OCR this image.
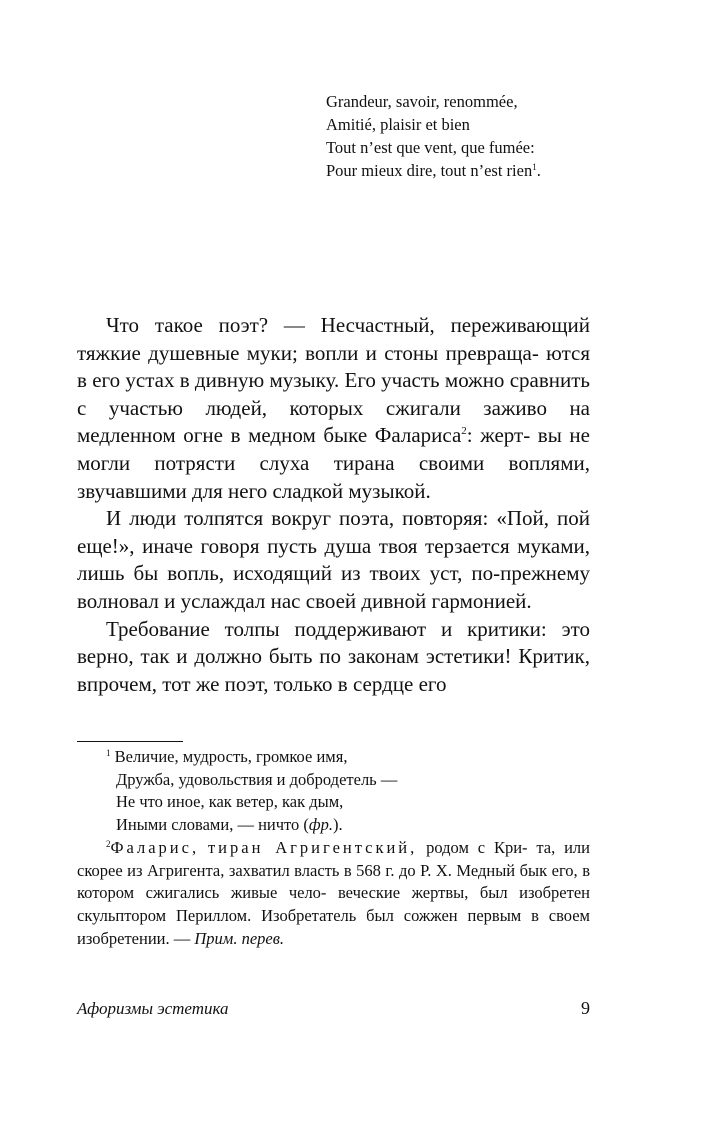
Grandeur, savoir, renommée,
Amitié, plaisir et bien
Tout n’est que vent, que fumée:
Pour mieux dire, tout n’est rien$^1$.

Что такое поэт? — Несчастный, переживающий тяжкие душевные муки; вопли и стоны превраща- ются в его устах в дивную музыку. Его участь можно сравнить с участью людей, которых сжигали заживо на медленном огне в медном быке Фалариса$^2$: жерт- вы не могли потрясти слуха тирана своими воплями, звучавшими для него сладкой музыкой.

И люди толпятся вокруг поэта, повторяя: «Пой, пой еще!», иначе говоря пусть душа твоя терзается муками, лишь бы вопль, исходящий из твоих уст, по-прежнему волновал и услаждал нас своей дивной гармонией.

Требование толпы поддерживают и критики: это верно, так и должно быть по законам эстетики! Критик, впрочем, тот же поэт, только в сердце его

$^1$ Величие, мудрость, громкое имя,
Дружба, удовольствия и добродетель —
Не что иное, как ветер, как дым,
Иными словами, — ничто (фр.).

$^2$Фаларис, тиран Агригентский, родом с Кри- та, или скорее из Агригента, захватил власть в 568 г. до Р. Х. Медный бык его, в котором сжигались живые чело- веческие жертвы, был изобретен скульптором Периллом. Изобретатель был сожжен первым в своем изобретении. — Прим. перев.

Афоризмы эстетика	9
